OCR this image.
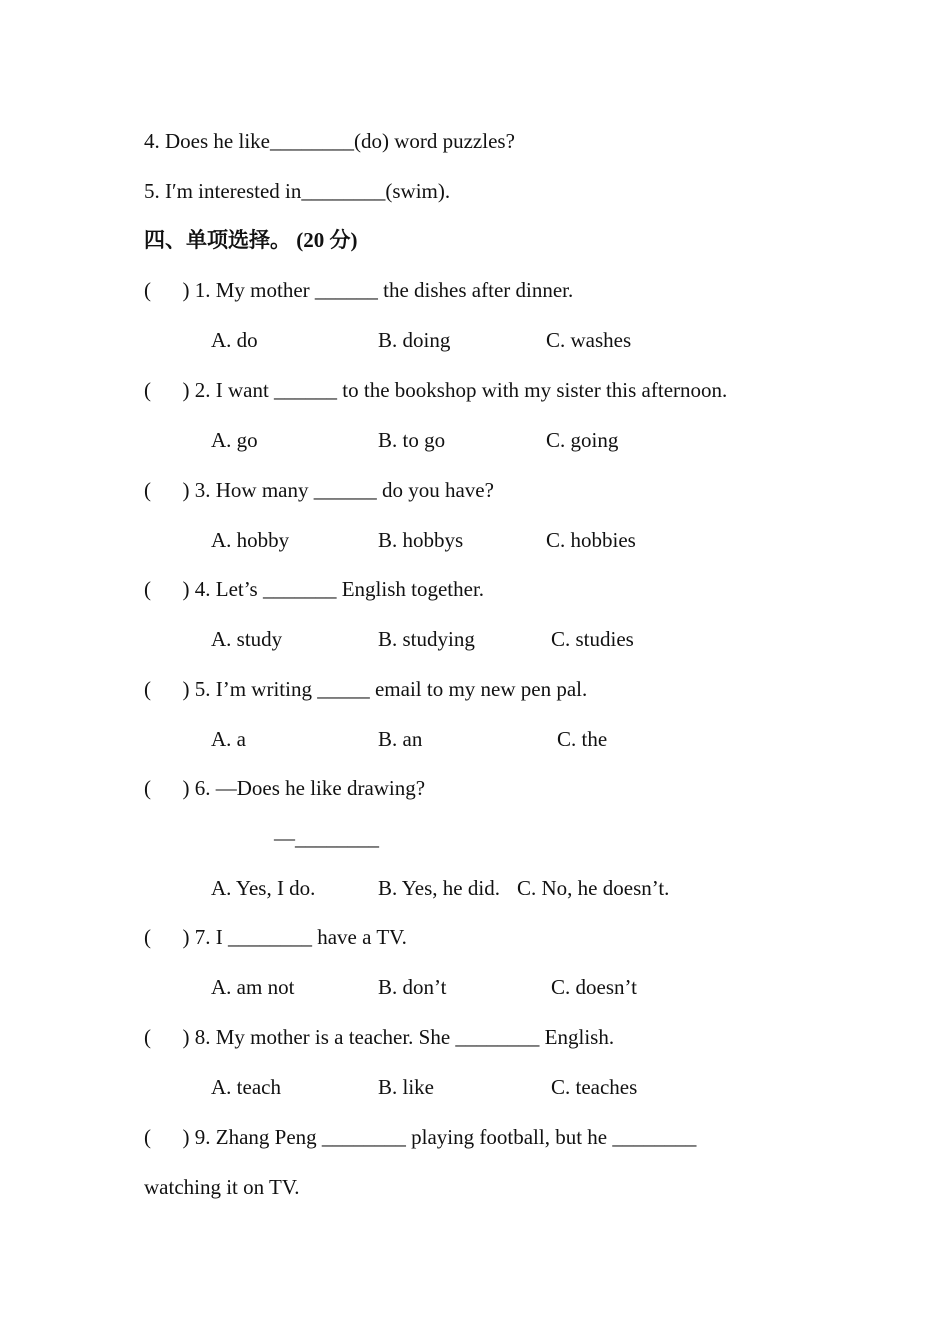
4. Does he like________(do) word puzzles?
5. I′m interested in________(swim).
四、单项选择。 (20 分)
(      ) 1. My mother ______ the dishes after dinner.

A. do

	B. doing

	C. washes

(      ) 2. I want ______ to the bookshop with my sister this afternoon.

A. go

	B. to go

	C. going

(      ) 3. How many ______ do you have?

A. hobby

	B. hobbys

	C. hobbies

(      ) 4. Let’s _______ English together.

A. study

	B. studying

	C. studies

(      ) 5. I’m writing _____ email to my new pen pal.

A. a

	B. an

	C. the

(      ) 6. —Does he like drawing?
—________

A. Yes, I do.

	B. Yes, he did.

C. No, he doesn’t.

(      ) 7. I ________ have a TV.

A. am not

	B. don’t

	C. doesn’t

(      ) 8. My mother is a teacher. She ________ English.

A. teach

	B. like

	C. teaches

(      ) 9. Zhang Peng ________ playing football, but he ________
watching it on TV.
